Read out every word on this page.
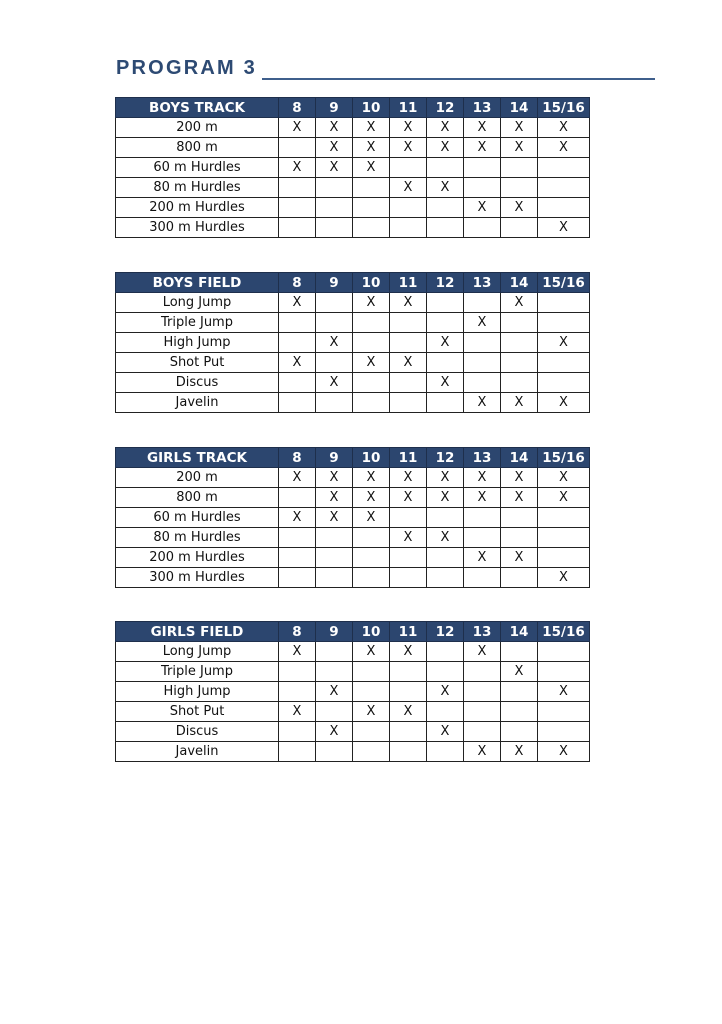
PROGRAM 3
BOYS TRACK	8	9	10	11	12	13	14	15/16
200 m	X	X	X	X	X	X	X	X
800 m		X	X	X	X	X	X	X
60 m Hurdles	X	X	X					
80 m Hurdles				X	X			
200 m Hurdles						X	X	
300 m Hurdles								X
BOYS FIELD	8	9	10	11	12	13	14	15/16
Long Jump	X		X	X			X	
Triple Jump						X		
High Jump		X			X			X
Shot Put	X		X	X				
Discus		X			X			
Javelin						X	X	X
GIRLS TRACK	8	9	10	11	12	13	14	15/16
200 m	X	X	X	X	X	X	X	X
800 m		X	X	X	X	X	X	X
60 m Hurdles	X	X	X					
80 m Hurdles				X	X			
200 m Hurdles						X	X	
300 m Hurdles								X
GIRLS FIELD	8	9	10	11	12	13	14	15/16
Long Jump	X		X	X		X		
Triple Jump							X	
High Jump		X			X			X
Shot Put	X		X	X				
Discus		X			X			
Javelin						X	X	X
